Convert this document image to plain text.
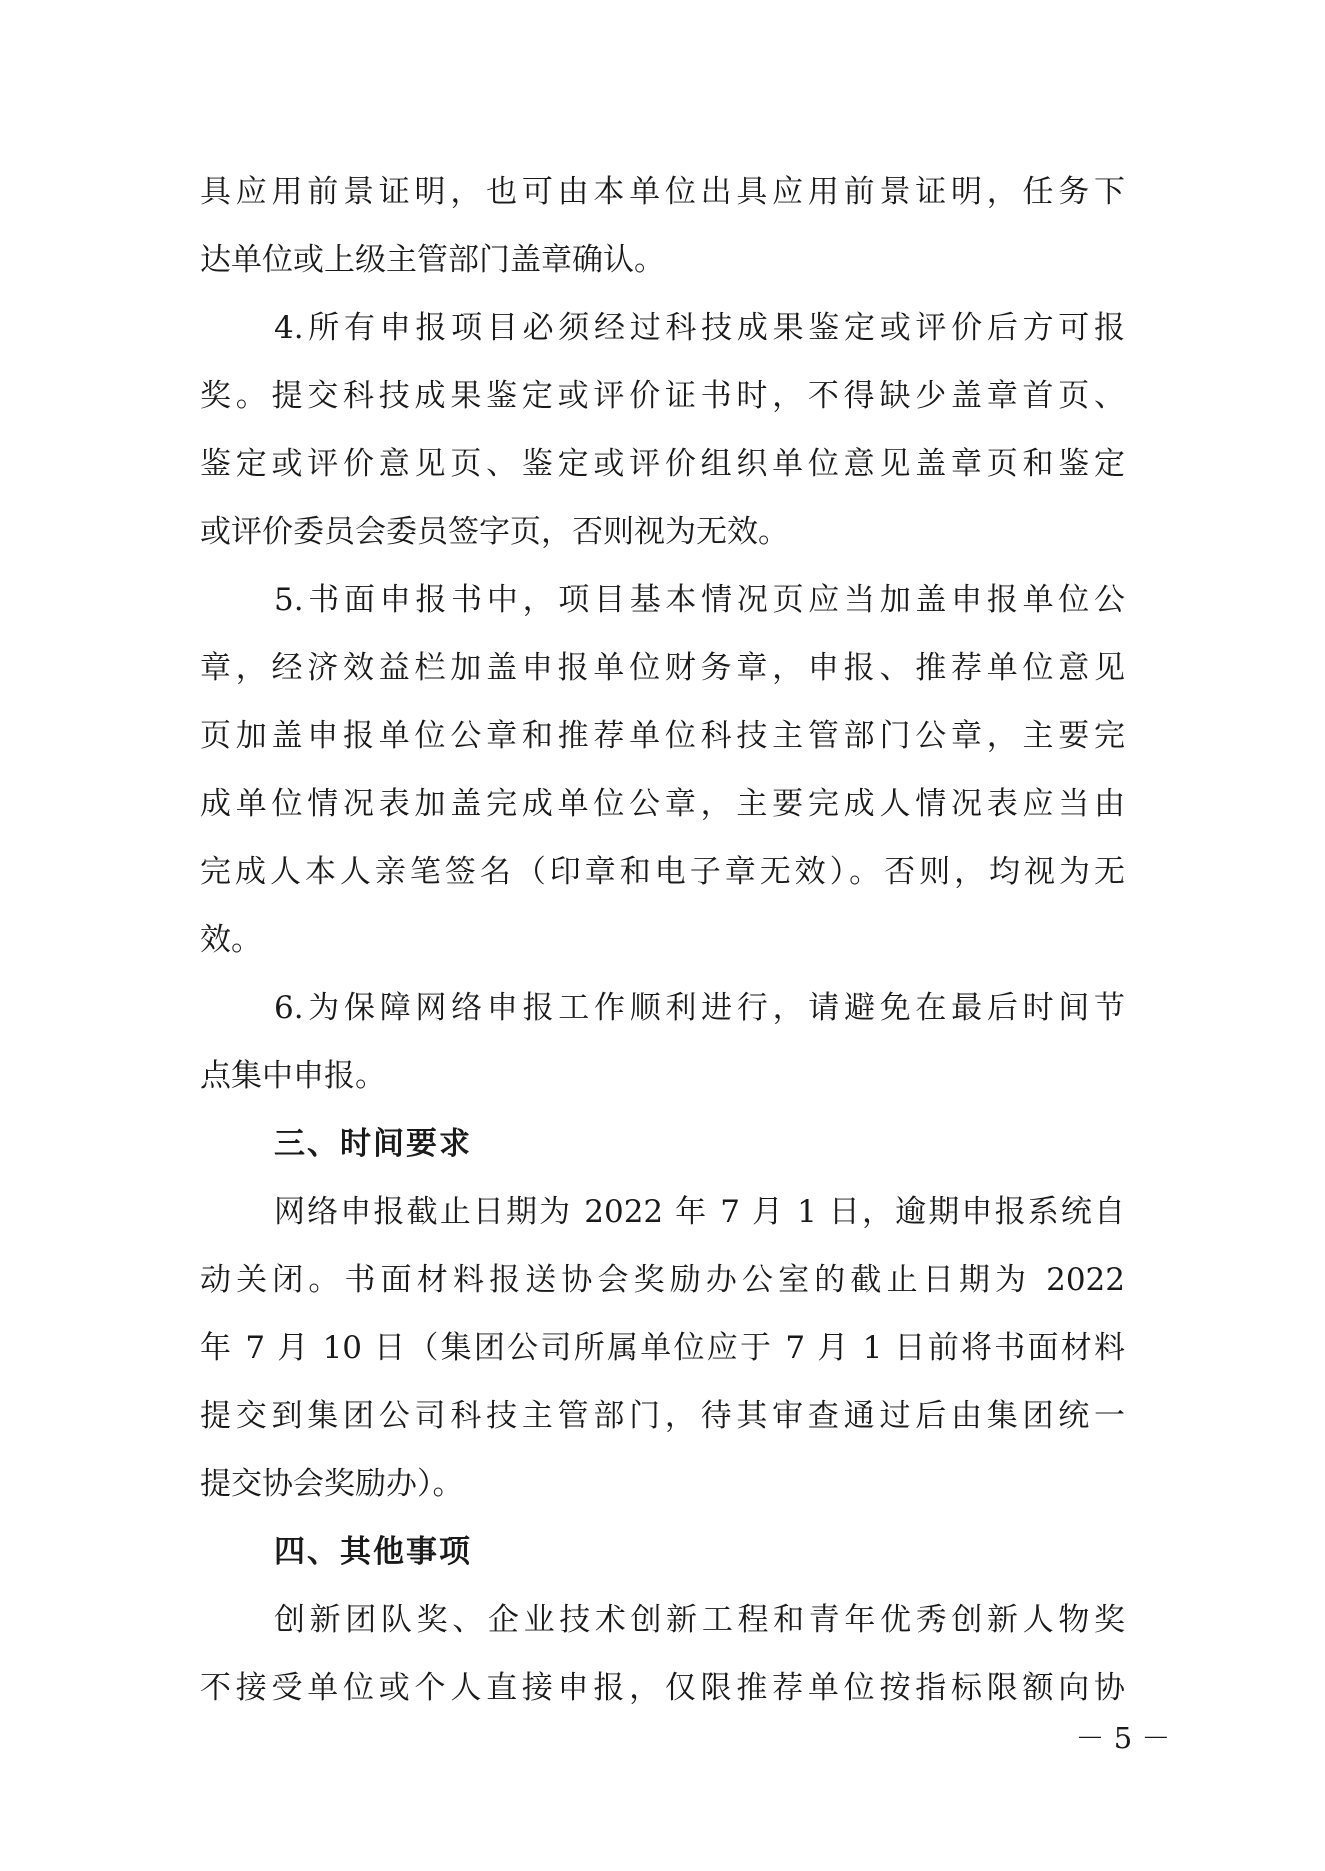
具应用前景证明，也可由本单位出具应用前景证明，任务下
达单位或上级主管部门盖章确认。
4.所有申报项目必须经过科技成果鉴定或评价后方可报
奖。提交科技成果鉴定或评价证书时，不得缺少盖章首页、
鉴定或评价意见页、鉴定或评价组织单位意见盖章页和鉴定
或评价委员会委员签字页，否则视为无效。
5.书面申报书中，项目基本情况页应当加盖申报单位公
章，经济效益栏加盖申报单位财务章，申报、推荐单位意见
页加盖申报单位公章和推荐单位科技主管部门公章，主要完
成单位情况表加盖完成单位公章，主要完成人情况表应当由
完成人本人亲笔签名（印章和电子章无效）。否则，均视为无
效。
6.为保障网络申报工作顺利进行，请避免在最后时间节
点集中申报。
三、时间要求
网络申报截止日期为 2022 年 7 月 1 日，逾期申报系统自
动关闭。书面材料报送协会奖励办公室的截止日期为 2022
年 7 月 10 日（集团公司所属单位应于 7 月 1 日前将书面材料
提交到集团公司科技主管部门，待其审查通过后由集团统一
提交协会奖励办）。
四、其他事项
创新团队奖、企业技术创新工程和青年优秀创新人物奖
不接受单位或个人直接申报，仅限推荐单位按指标限额向协
－ 5 －
